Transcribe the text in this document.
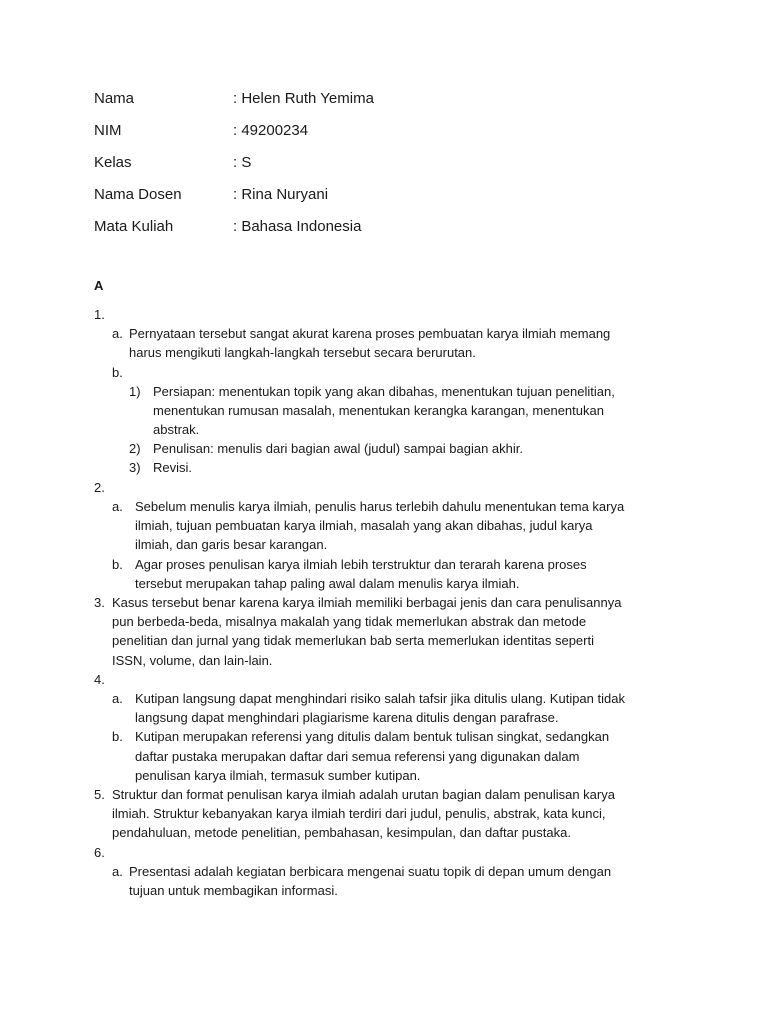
Nama	: Helen Ruth Yemima
NIM	: 49200234
Kelas	: S
Nama Dosen	: Rina Nuryani
Mata Kuliah	: Bahasa Indonesia
A
1.
a. Pernyataan tersebut sangat akurat karena proses pembuatan karya ilmiah memang
harus mengikuti langkah-langkah tersebut secara berurutan.
b.
1) Persiapan: menentukan topik yang akan dibahas, menentukan tujuan penelitian,
menentukan rumusan masalah, menentukan kerangka karangan, menentukan
abstrak.
2) Penulisan: menulis dari bagian awal (judul) sampai bagian akhir.
3) Revisi.
2.
a. Sebelum menulis karya ilmiah, penulis harus terlebih dahulu menentukan tema karya
ilmiah, tujuan pembuatan karya ilmiah, masalah yang akan dibahas, judul karya
ilmiah, dan garis besar karangan.
b. Agar proses penulisan karya ilmiah lebih terstruktur dan terarah karena proses
tersebut merupakan tahap paling awal dalam menulis karya ilmiah.
3. Kasus tersebut benar karena karya ilmiah memiliki berbagai jenis dan cara penulisannya
pun berbeda-beda, misalnya makalah yang tidak memerlukan abstrak dan metode
penelitian dan jurnal yang tidak memerlukan bab serta memerlukan identitas seperti
ISSN, volume, dan lain-lain.
4.
a. Kutipan langsung dapat menghindari risiko salah tafsir jika ditulis ulang. Kutipan tidak
langsung dapat menghindari plagiarisme karena ditulis dengan parafrase.
b. Kutipan merupakan referensi yang ditulis dalam bentuk tulisan singkat, sedangkan
daftar pustaka merupakan daftar dari semua referensi yang digunakan dalam
penulisan karya ilmiah, termasuk sumber kutipan.
5. Struktur dan format penulisan karya ilmiah adalah urutan bagian dalam penulisan karya
ilmiah. Struktur kebanyakan karya ilmiah terdiri dari judul, penulis, abstrak, kata kunci,
pendahuluan, metode penelitian, pembahasan, kesimpulan, dan daftar pustaka.
6.
a. Presentasi adalah kegiatan berbicara mengenai suatu topik di depan umum dengan
tujuan untuk membagikan informasi.
